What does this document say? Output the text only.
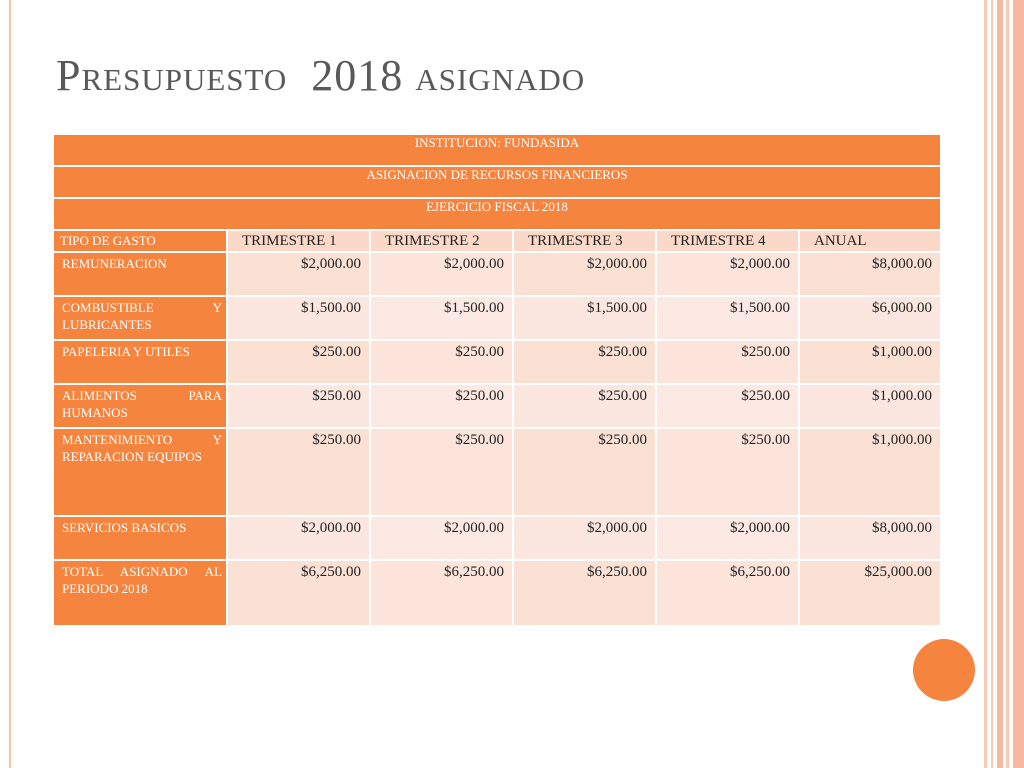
Presupuesto  2018 asignado
INSTITUCION: FUNDASIDA					
ASIGNACION DE RECURSOS FINANCIEROS					
EJERCICIO FISCAL 2018					
TIPO DE GASTO	TRIMESTRE 1	TRIMESTRE 2	TRIMESTRE 3	TRIMESTRE 4	ANUAL
REMUNERACION	$2,000.00	$2,000.00	$2,000.00	$2,000.00	$8,000.00
COMBUSTIBLE Y LUBRICANTES	$1,500.00	$1,500.00	$1,500.00	$1,500.00	$6,000.00
PAPELERIA Y UTILES	$250.00	$250.00	$250.00	$250.00	$1,000.00
ALIMENTOS PARA HUMANOS	$250.00	$250.00	$250.00	$250.00	$1,000.00
MANTENIMIENTO Y REPARACION EQUIPOS	$250.00	$250.00	$250.00	$250.00	$1,000.00
SERVICIOS BASICOS	$2,000.00	$2,000.00	$2,000.00	$2,000.00	$8,000.00
TOTAL ASIGNADO AL PERIODO 2018	$6,250.00	$6,250.00	$6,250.00	$6,250.00	$25,000.00
